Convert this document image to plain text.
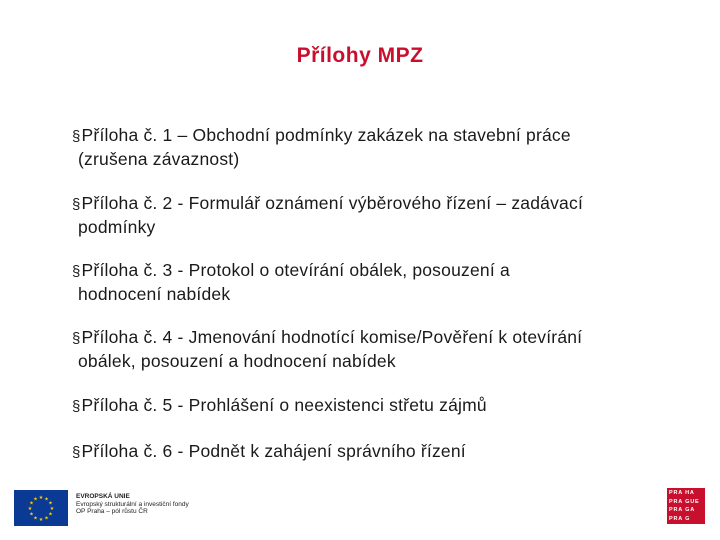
Přílohy MPZ
§Příloha č. 1 – Obchodní podmínky zakázek na stavební práce
(zrušena závaznost)
§Příloha č. 2 - Formulář oznámení výběrového řízení – zadávací
podmínky
§Příloha č. 3 - Protokol o otevírání obálek, posouzení a
hodnocení nabídek
§Příloha č. 4 - Jmenování hodnotící komise/Pověření k otevírání
obálek, posouzení a hodnocení nabídek
§Příloha č. 5 - Prohlášení o neexistenci střetu zájmů
§Příloha č. 6 - Podnět k zahájení správního řízení
★ ★
★
★
★
★
★
★
★
★
★
★	EVROPSKÁ UNIE
Evropský strukturální a investiční fondy
OP Praha – pól růstu ČR
PRA HA
PRA GUE
PRA GA
PRA G
